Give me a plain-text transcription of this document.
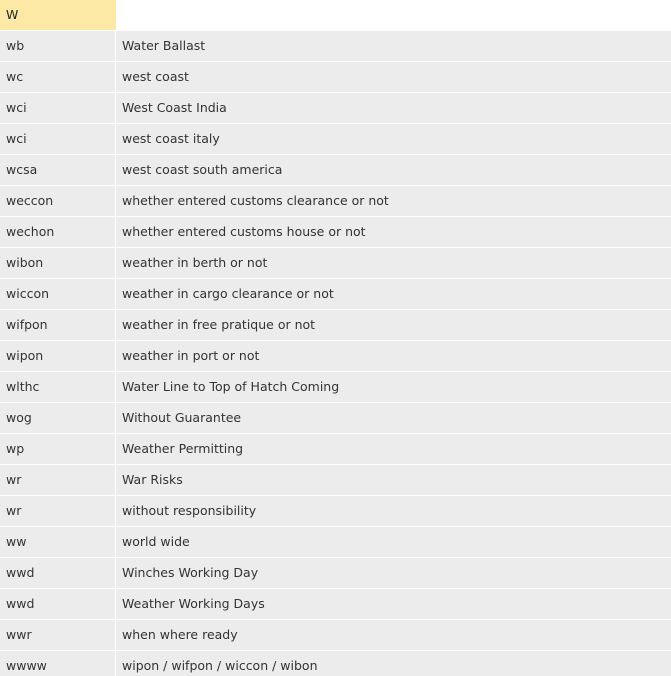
W
wb	Water Ballast
wc	west coast
wci	West Coast India
wci	west coast italy
wcsa	west coast south america
weccon	whether entered customs clearance or not
wechon	whether entered customs house or not
wibon	weather in berth or not
wiccon	weather in cargo clearance or not
wifpon	weather in free pratique or not
wipon	weather in port or not
wlthc	Water Line to Top of Hatch Coming
wog	Without Guarantee
wp	Weather Permitting
wr	War Risks
wr	without responsibility
ww	world wide
wwd	Winches Working Day
wwd	Weather Working Days
wwr	when where ready
wwww	wipon / wifpon / wiccon / wibon
